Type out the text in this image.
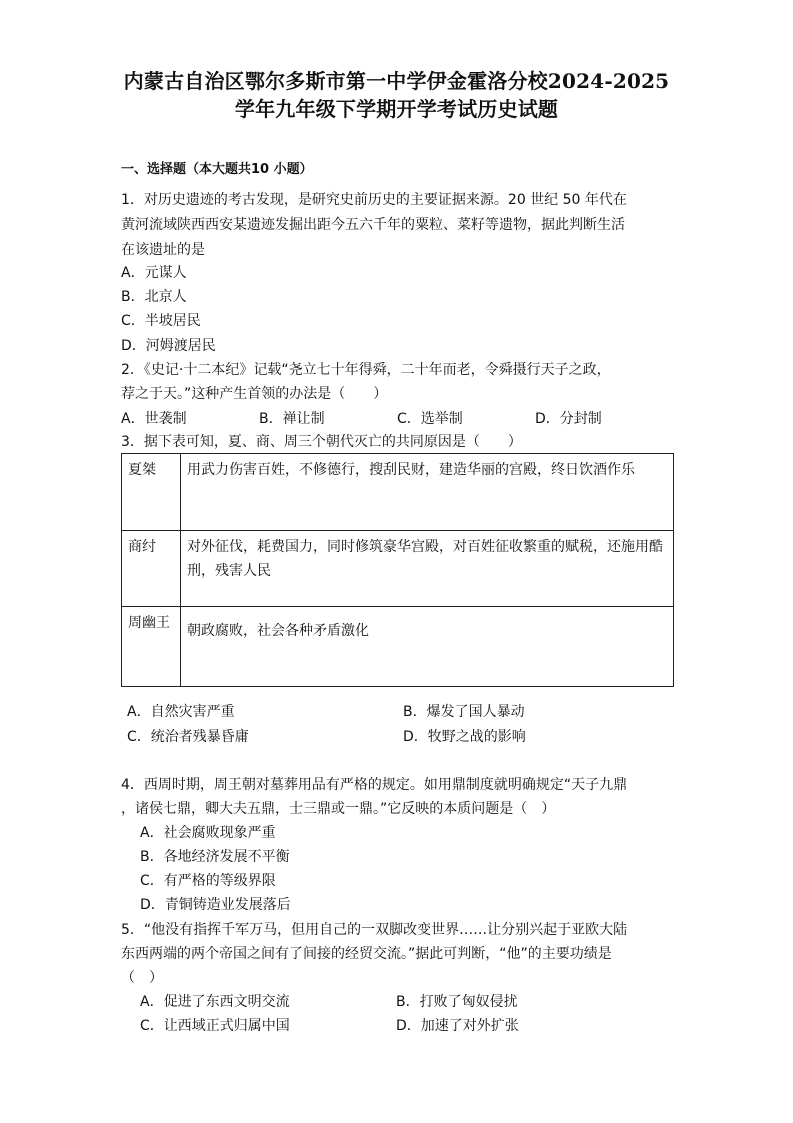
内蒙古自治区鄂尔多斯市第一中学伊金霍洛分校2024-2025
学年九年级下学期开学考试历史试题
一、选择题（本大题共10 小题）
1．对历史遗迹的考古发现，是研究史前历史的主要证据来源。20 世纪 50 年代在
黄河流域陕西西安某遗迹发掘出距今五六千年的粟粒、菜籽等遗物，据此判断生活
在该遗址的是
A．元谋人
B．北京人
C．半坡居民
D．河姆渡居民
2．《史记·十二本纪》记载“尧立七十年得舜，二十年而老，令舜摄行天子之政，
荐之于天。”这种产生首领的办法是（　　）
A．世袭制	B．禅让制	C．选举制	D．分封制
3．据下表可知，夏、商、周三个朝代灭亡的共同原因是（　　）
夏桀	用武力伤害百姓，不修德行，搜刮民财，建造华丽的宫殿，终日饮酒作乐
商纣	对外征伐，耗费国力，同时修筑豪华宫殿，对百姓征收繁重的赋税，还施用酷刑，残害人民
周幽王	朝政腐败，社会各种矛盾激化
A．自然灾害严重	B．爆发了国人暴动
C．统治者残暴昏庸	D．牧野之战的影响
4．西周时期，周王朝对墓葬用品有严格的规定。如用鼎制度就明确规定“天子九鼎
，诸侯七鼎，卿大夫五鼎，士三鼎或一鼎。”它反映的本质问题是（　）
A．社会腐败现象严重
B．各地经济发展不平衡
C．有严格的等级界限
D．青铜铸造业发展落后
5．“他没有指挥千军万马，但用自己的一双脚改变世界……让分别兴起于亚欧大陆
东西两端的两个帝国之间有了间接的经贸交流。”据此可判断，“他”的主要功绩是
（　）
A．促进了东西文明交流	B．打败了匈奴侵扰
C．让西域正式归属中国	D．加速了对外扩张
